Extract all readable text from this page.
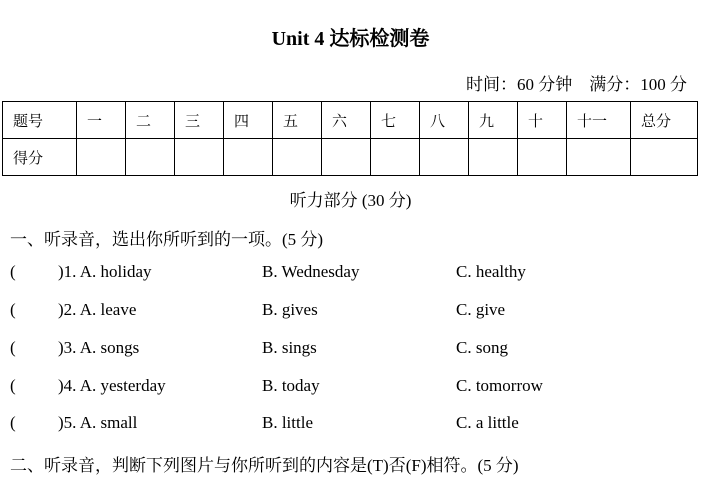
Unit 4 达标检测卷
时间：60 分钟    满分：100 分
题号	一	二	三	四	五	六	七	八	九	十	十一	总分
得分												
听力部分 (30 分)
一、听录音，选出你所听到的一项。(5 分)
( )1. A. holiday	B. Wednesday	C. healthy
( )2. A. leave	B. gives	C. give
( )3. A. songs	B. sings	C. song
( )4. A. yesterday	B. today	C. tomorrow
( )5. A. small	B. little	C. a little
二、听录音，判断下列图片与你所听到的内容是(T)否(F)相符。(5 分)
